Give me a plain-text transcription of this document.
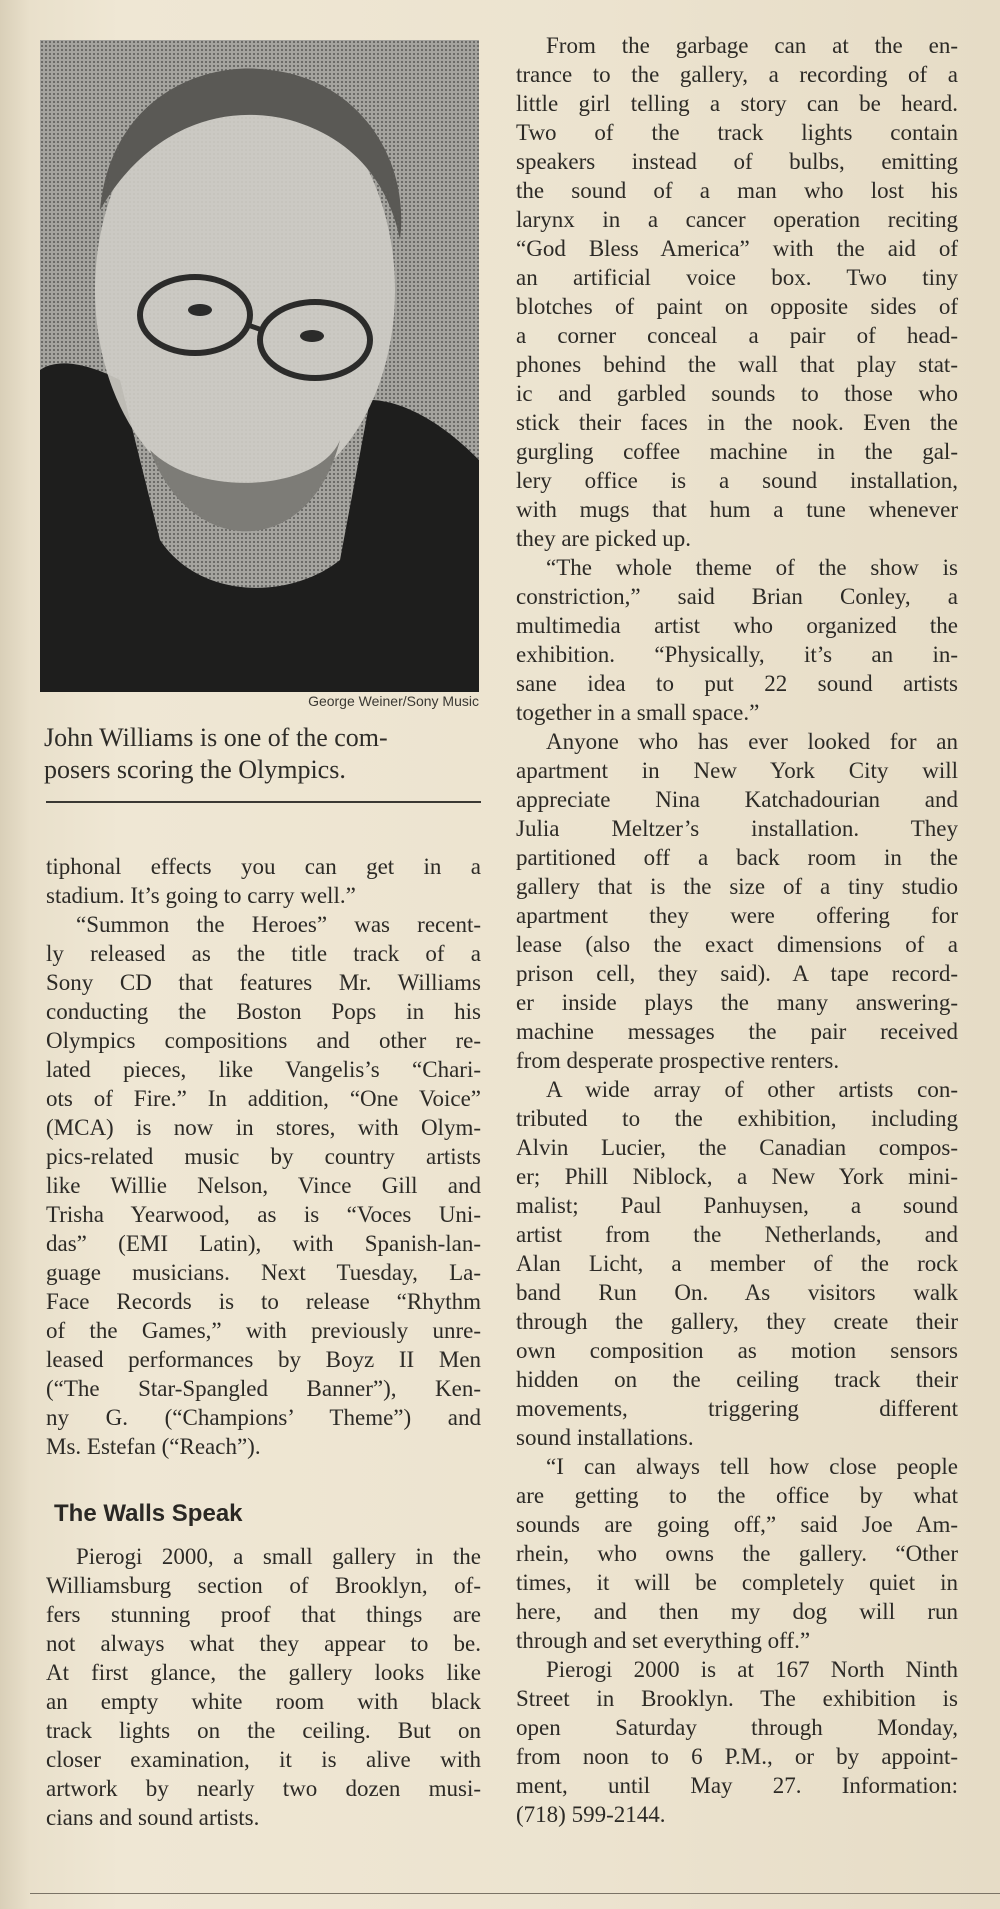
George Weiner/Sony Music
John Williams is one of the com-
posers scoring the Olympics.
tiphonal effects you can get in a
stadium. It’s going to carry well.”
“Summon the Heroes” was recent-
ly released as the title track of a
Sony CD that features Mr. Williams
conducting the Boston Pops in his
Olympics compositions and other re-
lated pieces, like Vangelis’s “Chari-
ots of Fire.” In addition, “One Voice”
(MCA) is now in stores, with Olym-
pics-related music by country artists
like Willie Nelson, Vince Gill and
Trisha Yearwood, as is “Voces Uni-
das” (EMI Latin), with Spanish-lan-
guage musicians. Next Tuesday, La-
Face Records is to release “Rhythm
of the Games,” with previously unre-
leased performances by Boyz II Men
(“The Star-Spangled Banner”), Ken-
ny G. (“Champions’ Theme”) and
Ms. Estefan (“Reach”).
The Walls Speak
Pierogi 2000, a small gallery in the
Williamsburg section of Brooklyn, of-
fers stunning proof that things are
not always what they appear to be.
At first glance, the gallery looks like
an empty white room with black
track lights on the ceiling. But on
closer examination, it is alive with
artwork by nearly two dozen musi-
cians and sound artists.
From the garbage can at the en-
trance to the gallery, a recording of a
little girl telling a story can be heard.
Two of the track lights contain
speakers instead of bulbs, emitting
the sound of a man who lost his
larynx in a cancer operation reciting
“God Bless America” with the aid of
an artificial voice box. Two tiny
blotches of paint on opposite sides of
a corner conceal a pair of head-
phones behind the wall that play stat-
ic and garbled sounds to those who
stick their faces in the nook. Even the
gurgling coffee machine in the gal-
lery office is a sound installation,
with mugs that hum a tune whenever
they are picked up.
“The whole theme of the show is
constriction,” said Brian Conley, a
multimedia artist who organized the
exhibition. “Physically, it’s an in-
sane idea to put 22 sound artists
together in a small space.”
Anyone who has ever looked for an
apartment in New York City will
appreciate Nina Katchadourian and
Julia Meltzer’s installation. They
partitioned off a back room in the
gallery that is the size of a tiny studio
apartment they were offering for
lease (also the exact dimensions of a
prison cell, they said). A tape record-
er inside plays the many answering-
machine messages the pair received
from desperate prospective renters.
A wide array of other artists con-
tributed to the exhibition, including
Alvin Lucier, the Canadian compos-
er; Phill Niblock, a New York mini-
malist; Paul Panhuysen, a sound
artist from the Netherlands, and
Alan Licht, a member of the rock
band Run On. As visitors walk
through the gallery, they create their
own composition as motion sensors
hidden on the ceiling track their
movements, triggering different
sound installations.
“I can always tell how close people
are getting to the office by what
sounds are going off,” said Joe Am-
rhein, who owns the gallery. “Other
times, it will be completely quiet in
here, and then my dog will run
through and set everything off.”
Pierogi 2000 is at 167 North Ninth
Street in Brooklyn. The exhibition is
open Saturday through Monday,
from noon to 6 P.M., or by appoint-
ment, until May 27. Information:
(718) 599-2144.
